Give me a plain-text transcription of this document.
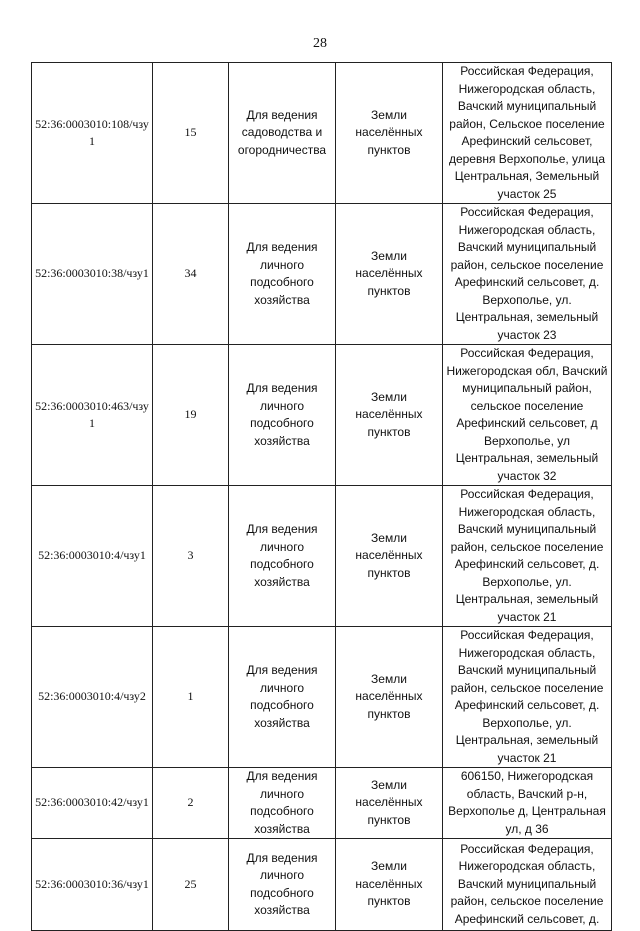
28
52:36:0003010:108/чзу1	15	Для ведения садоводства и огородничества	Земли населённых пунктов	Российская Федерация, Нижегородская область, Вачский муниципальный район, Сельское поселение Арефинский сельсовет, деревня Верхополье, улица Центральная, Земельный участок 25
52:36:0003010:38/чзу1	34	Для ведения личного подсобного хозяйства	Земли населённых пунктов	Российская Федерация, Нижегородская область, Вачский муниципальный район, сельское поселение Арефинский сельсовет, д. Верхополье, ул. Центральная, земельный участок 23
52:36:0003010:463/чзу1	19	Для ведения личного подсобного хозяйства	Земли населённых пунктов	Российская Федерация, Нижегородская обл, Вачский муниципальный район, сельское поселение Арефинский сельсовет, д Верхополье, ул Центральная, земельный участок 32
52:36:0003010:4/чзу1	3	Для ведения личного подсобного хозяйства	Земли населённых пунктов	Российская Федерация, Нижегородская область, Вачский муниципальный район, сельское поселение Арефинский сельсовет, д. Верхополье, ул. Центральная, земельный участок 21
52:36:0003010:4/чзу2	1	Для ведения личного подсобного хозяйства	Земли населённых пунктов	Российская Федерация, Нижегородская область, Вачский муниципальный район, сельское поселение Арефинский сельсовет, д. Верхополье, ул. Центральная, земельный участок 21
52:36:0003010:42/чзу1	2	Для ведения личного подсобного хозяйства	Земли населённых пунктов	606150, Нижегородская область, Вачский р-н, Верхополье д, Центральная ул, д 36
52:36:0003010:36/чзу1	25	Для ведения личного подсобного хозяйства	Земли населённых пунктов	Российская Федерация, Нижегородская область, Вачский муниципальный район, сельское поселение Арефинский сельсовет, д.
